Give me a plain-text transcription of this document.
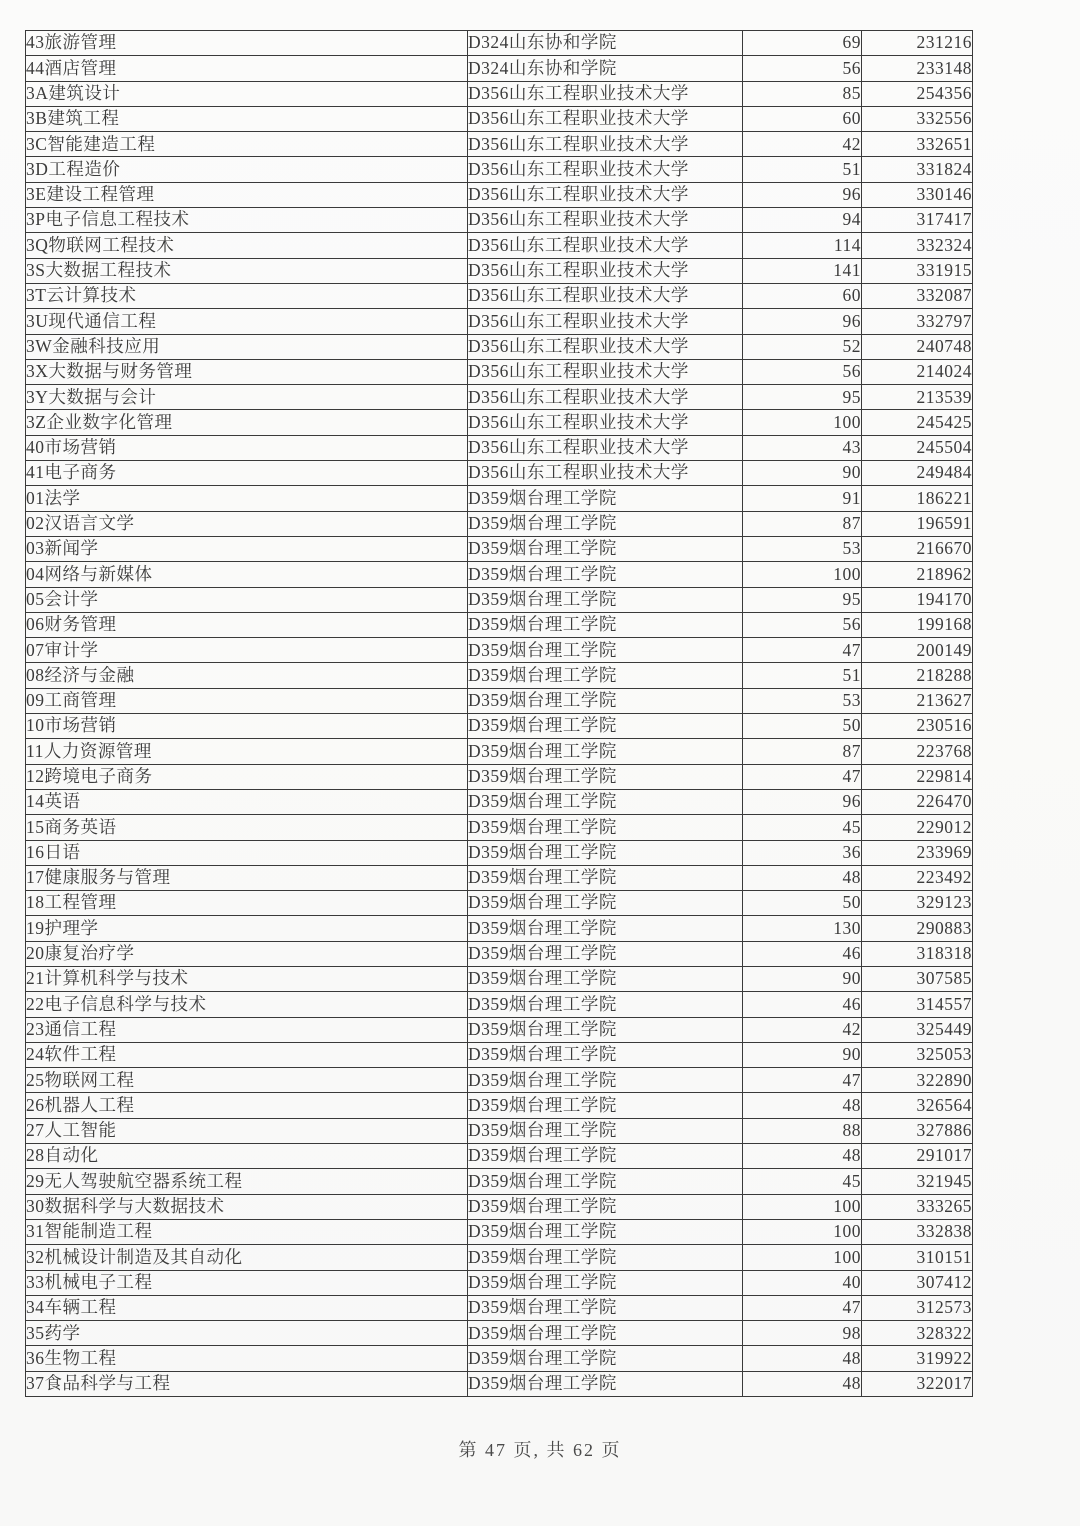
43旅游管理	D324山东协和学院	69	231216
44酒店管理	D324山东协和学院	56	233148
3A建筑设计	D356山东工程职业技术大学	85	254356
3B建筑工程	D356山东工程职业技术大学	60	332556
3C智能建造工程	D356山东工程职业技术大学	42	332651
3D工程造价	D356山东工程职业技术大学	51	331824
3E建设工程管理	D356山东工程职业技术大学	96	330146
3P电子信息工程技术	D356山东工程职业技术大学	94	317417
3Q物联网工程技术	D356山东工程职业技术大学	114	332324
3S大数据工程技术	D356山东工程职业技术大学	141	331915
3T云计算技术	D356山东工程职业技术大学	60	332087
3U现代通信工程	D356山东工程职业技术大学	96	332797
3W金融科技应用	D356山东工程职业技术大学	52	240748
3X大数据与财务管理	D356山东工程职业技术大学	56	214024
3Y大数据与会计	D356山东工程职业技术大学	95	213539
3Z企业数字化管理	D356山东工程职业技术大学	100	245425
40市场营销	D356山东工程职业技术大学	43	245504
41电子商务	D356山东工程职业技术大学	90	249484
01法学	D359烟台理工学院	91	186221
02汉语言文学	D359烟台理工学院	87	196591
03新闻学	D359烟台理工学院	53	216670
04网络与新媒体	D359烟台理工学院	100	218962
05会计学	D359烟台理工学院	95	194170
06财务管理	D359烟台理工学院	56	199168
07审计学	D359烟台理工学院	47	200149
08经济与金融	D359烟台理工学院	51	218288
09工商管理	D359烟台理工学院	53	213627
10市场营销	D359烟台理工学院	50	230516
11人力资源管理	D359烟台理工学院	87	223768
12跨境电子商务	D359烟台理工学院	47	229814
14英语	D359烟台理工学院	96	226470
15商务英语	D359烟台理工学院	45	229012
16日语	D359烟台理工学院	36	233969
17健康服务与管理	D359烟台理工学院	48	223492
18工程管理	D359烟台理工学院	50	329123
19护理学	D359烟台理工学院	130	290883
20康复治疗学	D359烟台理工学院	46	318318
21计算机科学与技术	D359烟台理工学院	90	307585
22电子信息科学与技术	D359烟台理工学院	46	314557
23通信工程	D359烟台理工学院	42	325449
24软件工程	D359烟台理工学院	90	325053
25物联网工程	D359烟台理工学院	47	322890
26机器人工程	D359烟台理工学院	48	326564
27人工智能	D359烟台理工学院	88	327886
28自动化	D359烟台理工学院	48	291017
29无人驾驶航空器系统工程	D359烟台理工学院	45	321945
30数据科学与大数据技术	D359烟台理工学院	100	333265
31智能制造工程	D359烟台理工学院	100	332838
32机械设计制造及其自动化	D359烟台理工学院	100	310151
33机械电子工程	D359烟台理工学院	40	307412
34车辆工程	D359烟台理工学院	47	312573
35药学	D359烟台理工学院	98	328322
36生物工程	D359烟台理工学院	48	319922
37食品科学与工程	D359烟台理工学院	48	322017
第 47 页, 共 62 页
